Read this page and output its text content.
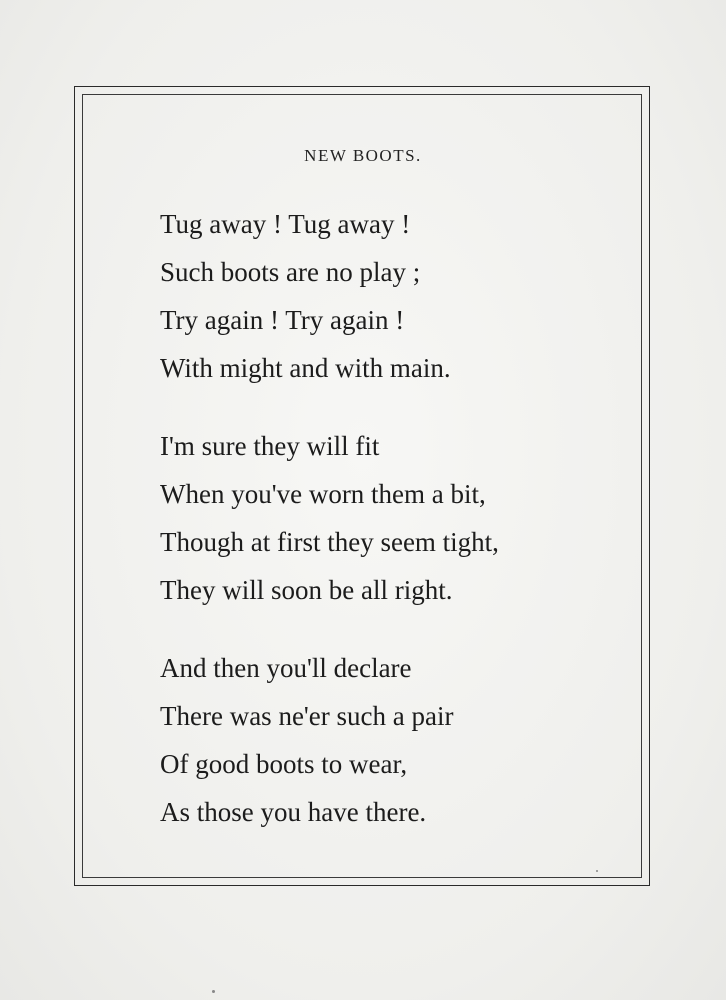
NEW BOOTS.
Tug away ! Tug away !
Such boots are no play ;
Try again ! Try again !
With might and with main.
I'm sure they will fit
When you've worn them a bit,
Though at first they seem tight,
They will soon be all right.
And then you'll declare
There was ne'er such a pair
Of good boots to wear,
As those you have there.
